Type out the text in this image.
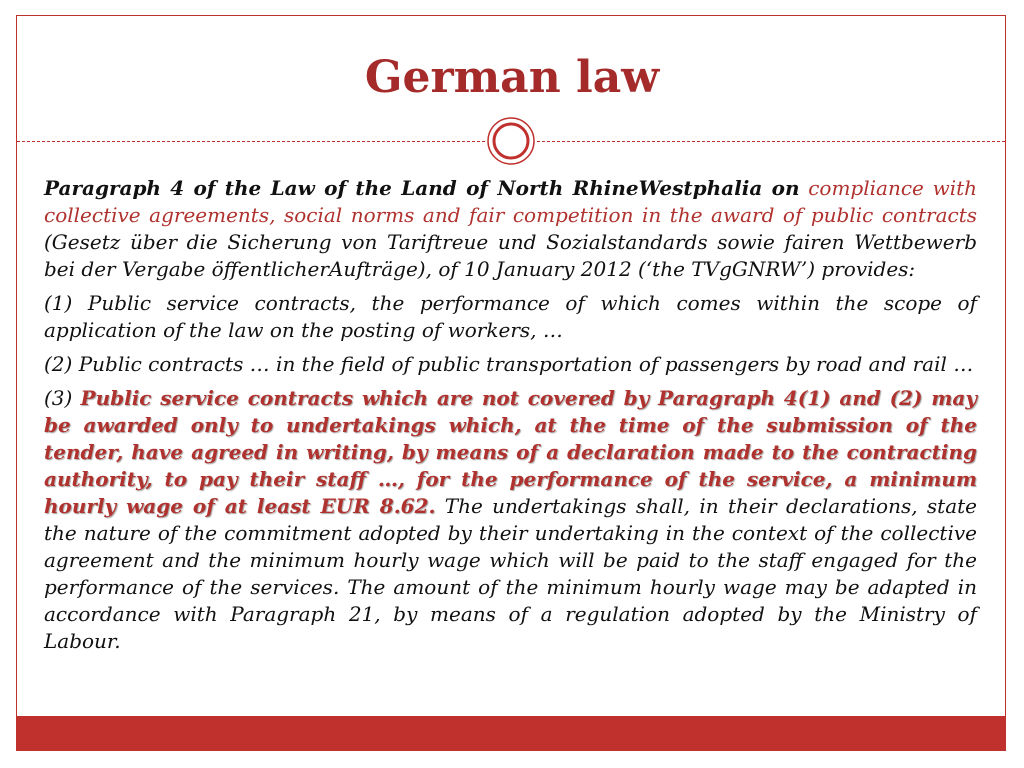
German law

Paragraph 4 of the Law of the Land of North RhineWestphalia on compliance with collective agreements, social norms and fair competition in the award of public contracts (Gesetz über die Sicherung von Tariftreue und Sozialstandards sowie fairen Wettbewerb bei der Vergabe öffentlicherAufträge), of 10 January 2012 (‘the TVgGNRW’) provides:

(1) Public service contracts, the performance of which comes within the scope of application of the law on the posting of workers, …

(2) Public contracts … in the field of public transportation of passengers by road and rail …

(3) Public service contracts which are not covered by Paragraph 4(1) and (2) may be awarded only to undertakings which, at the time of the submission of the tender, have agreed in writing, by means of a declaration made to the contracting authority, to pay their staff …, for the performance of the service, a minimum hourly wage of at least EUR 8.62. The undertakings shall, in their declarations, state the nature of the commitment adopted by their undertaking in the context of the collective agreement and the minimum hourly wage which will be paid to the staff engaged for the performance of the services. The amount of the minimum hourly wage may be adapted in accordance with Paragraph 21, by means of a regulation adopted by the Ministry of Labour.
